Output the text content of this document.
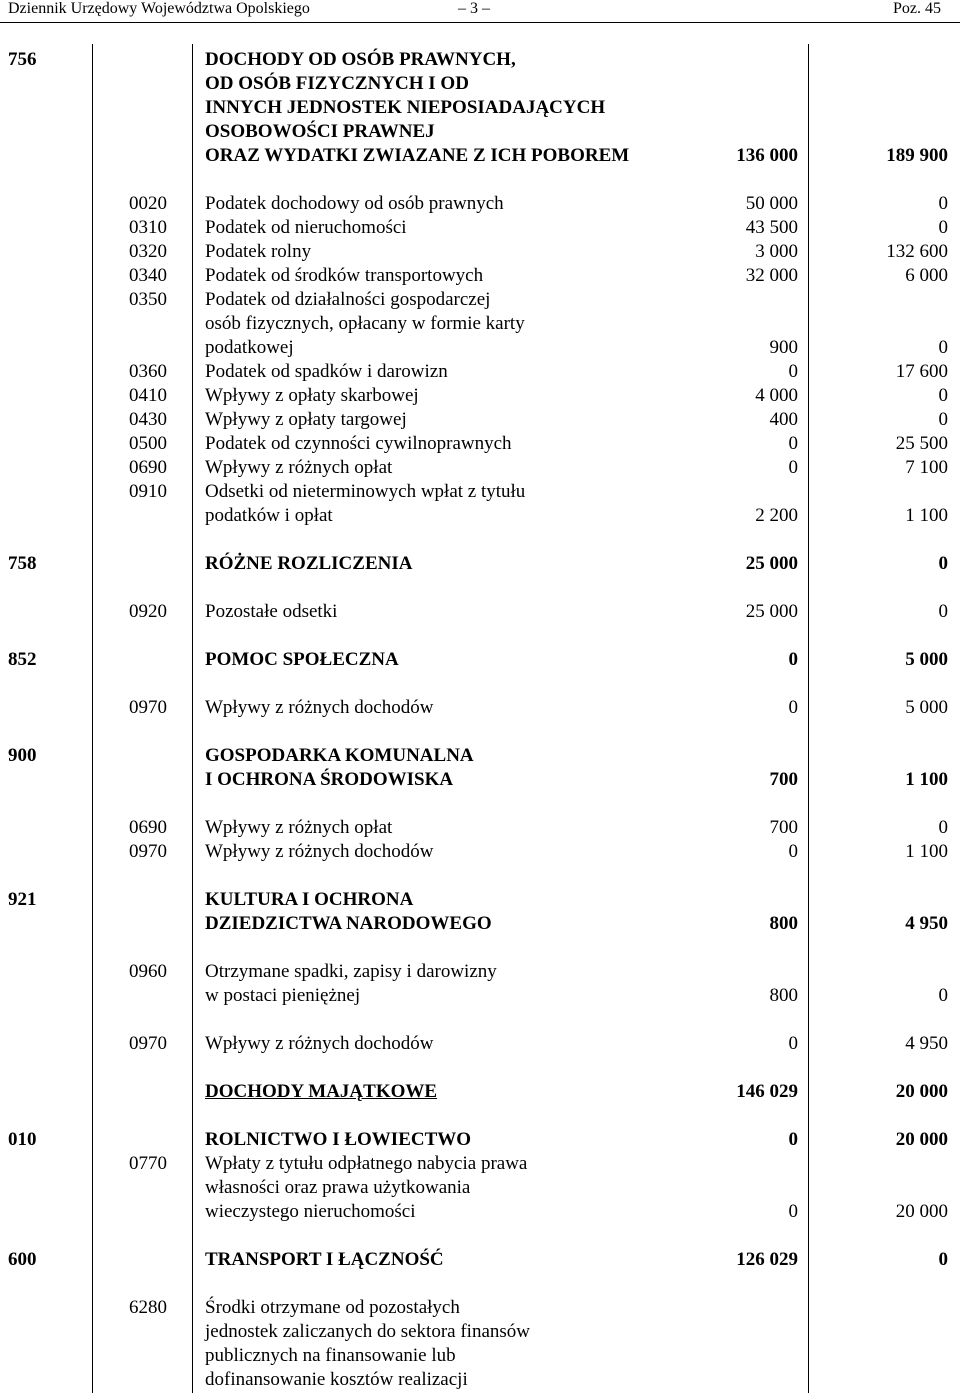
Dziennik Urzędowy Województwa Opolskiego	– 3 –	Poz. 45
756	DOCHODY OD OSÓB PRAWNYCH,
OD OSÓB FIZYCZNYCH I OD
INNYCH JEDNOSTEK NIEPOSIADAJĄCYCH
OSOBOWOŚCI PRAWNEJ
ORAZ WYDATKI ZWIAZANE Z ICH POBOREM	136 000	189 900
0020 Podatek dochodowy od osób prawnych	50 000	0
0310 Podatek od nieruchomości	43 500	0
0320 Podatek rolny	3 000	132 600
0340 Podatek od środków transportowych	32 000	6 000
0350 Podatek od działalności gospodarczej
osób fizycznych, opłacany w formie karty
podatkowej	900	0
0360 Podatek od spadków i darowizn	0	17 600
0410 Wpływy z opłaty skarbowej	4 000	0
0430 Wpływy z opłaty targowej	400	0
0500 Podatek od czynności cywilnoprawnych	0	25 500
0690 Wpływy z różnych opłat	0	7 100
0910 Odsetki od nieterminowych wpłat z tytułu
podatków i opłat	2 200	1 100
758	RÓŻNE ROZLICZENIA	25 000	0
0920 Pozostałe odsetki	25 000	0
852	POMOC SPOŁECZNA	0	5 000
0970 Wpływy z różnych dochodów	0	5 000
900	GOSPODARKA KOMUNALNA
I OCHRONA ŚRODOWISKA	700	1 100
0690 Wpływy z różnych opłat	700	0
0970 Wpływy z różnych dochodów	0	1 100
921	KULTURA I OCHRONA
DZIEDZICTWA NARODOWEGO	800	4 950
0960 Otrzymane spadki, zapisy i darowizny
w postaci pieniężnej	800	0
0970 Wpływy z różnych dochodów	0	4 950
DOCHODY MAJĄTKOWE	146 029	20 000
010	ROLNICTWO I ŁOWIECTWO	0	20 000
0770 Wpłaty z tytułu odpłatnego nabycia prawa
własności oraz prawa użytkowania
wieczystego nieruchomości	0	20 000
600	TRANSPORT I ŁĄCZNOŚĆ	126 029	0
6280 Środki otrzymane od pozostałych
jednostek zaliczanych do sektora finansów
publicznych na finansowanie lub
dofinansowanie kosztów realizacji
